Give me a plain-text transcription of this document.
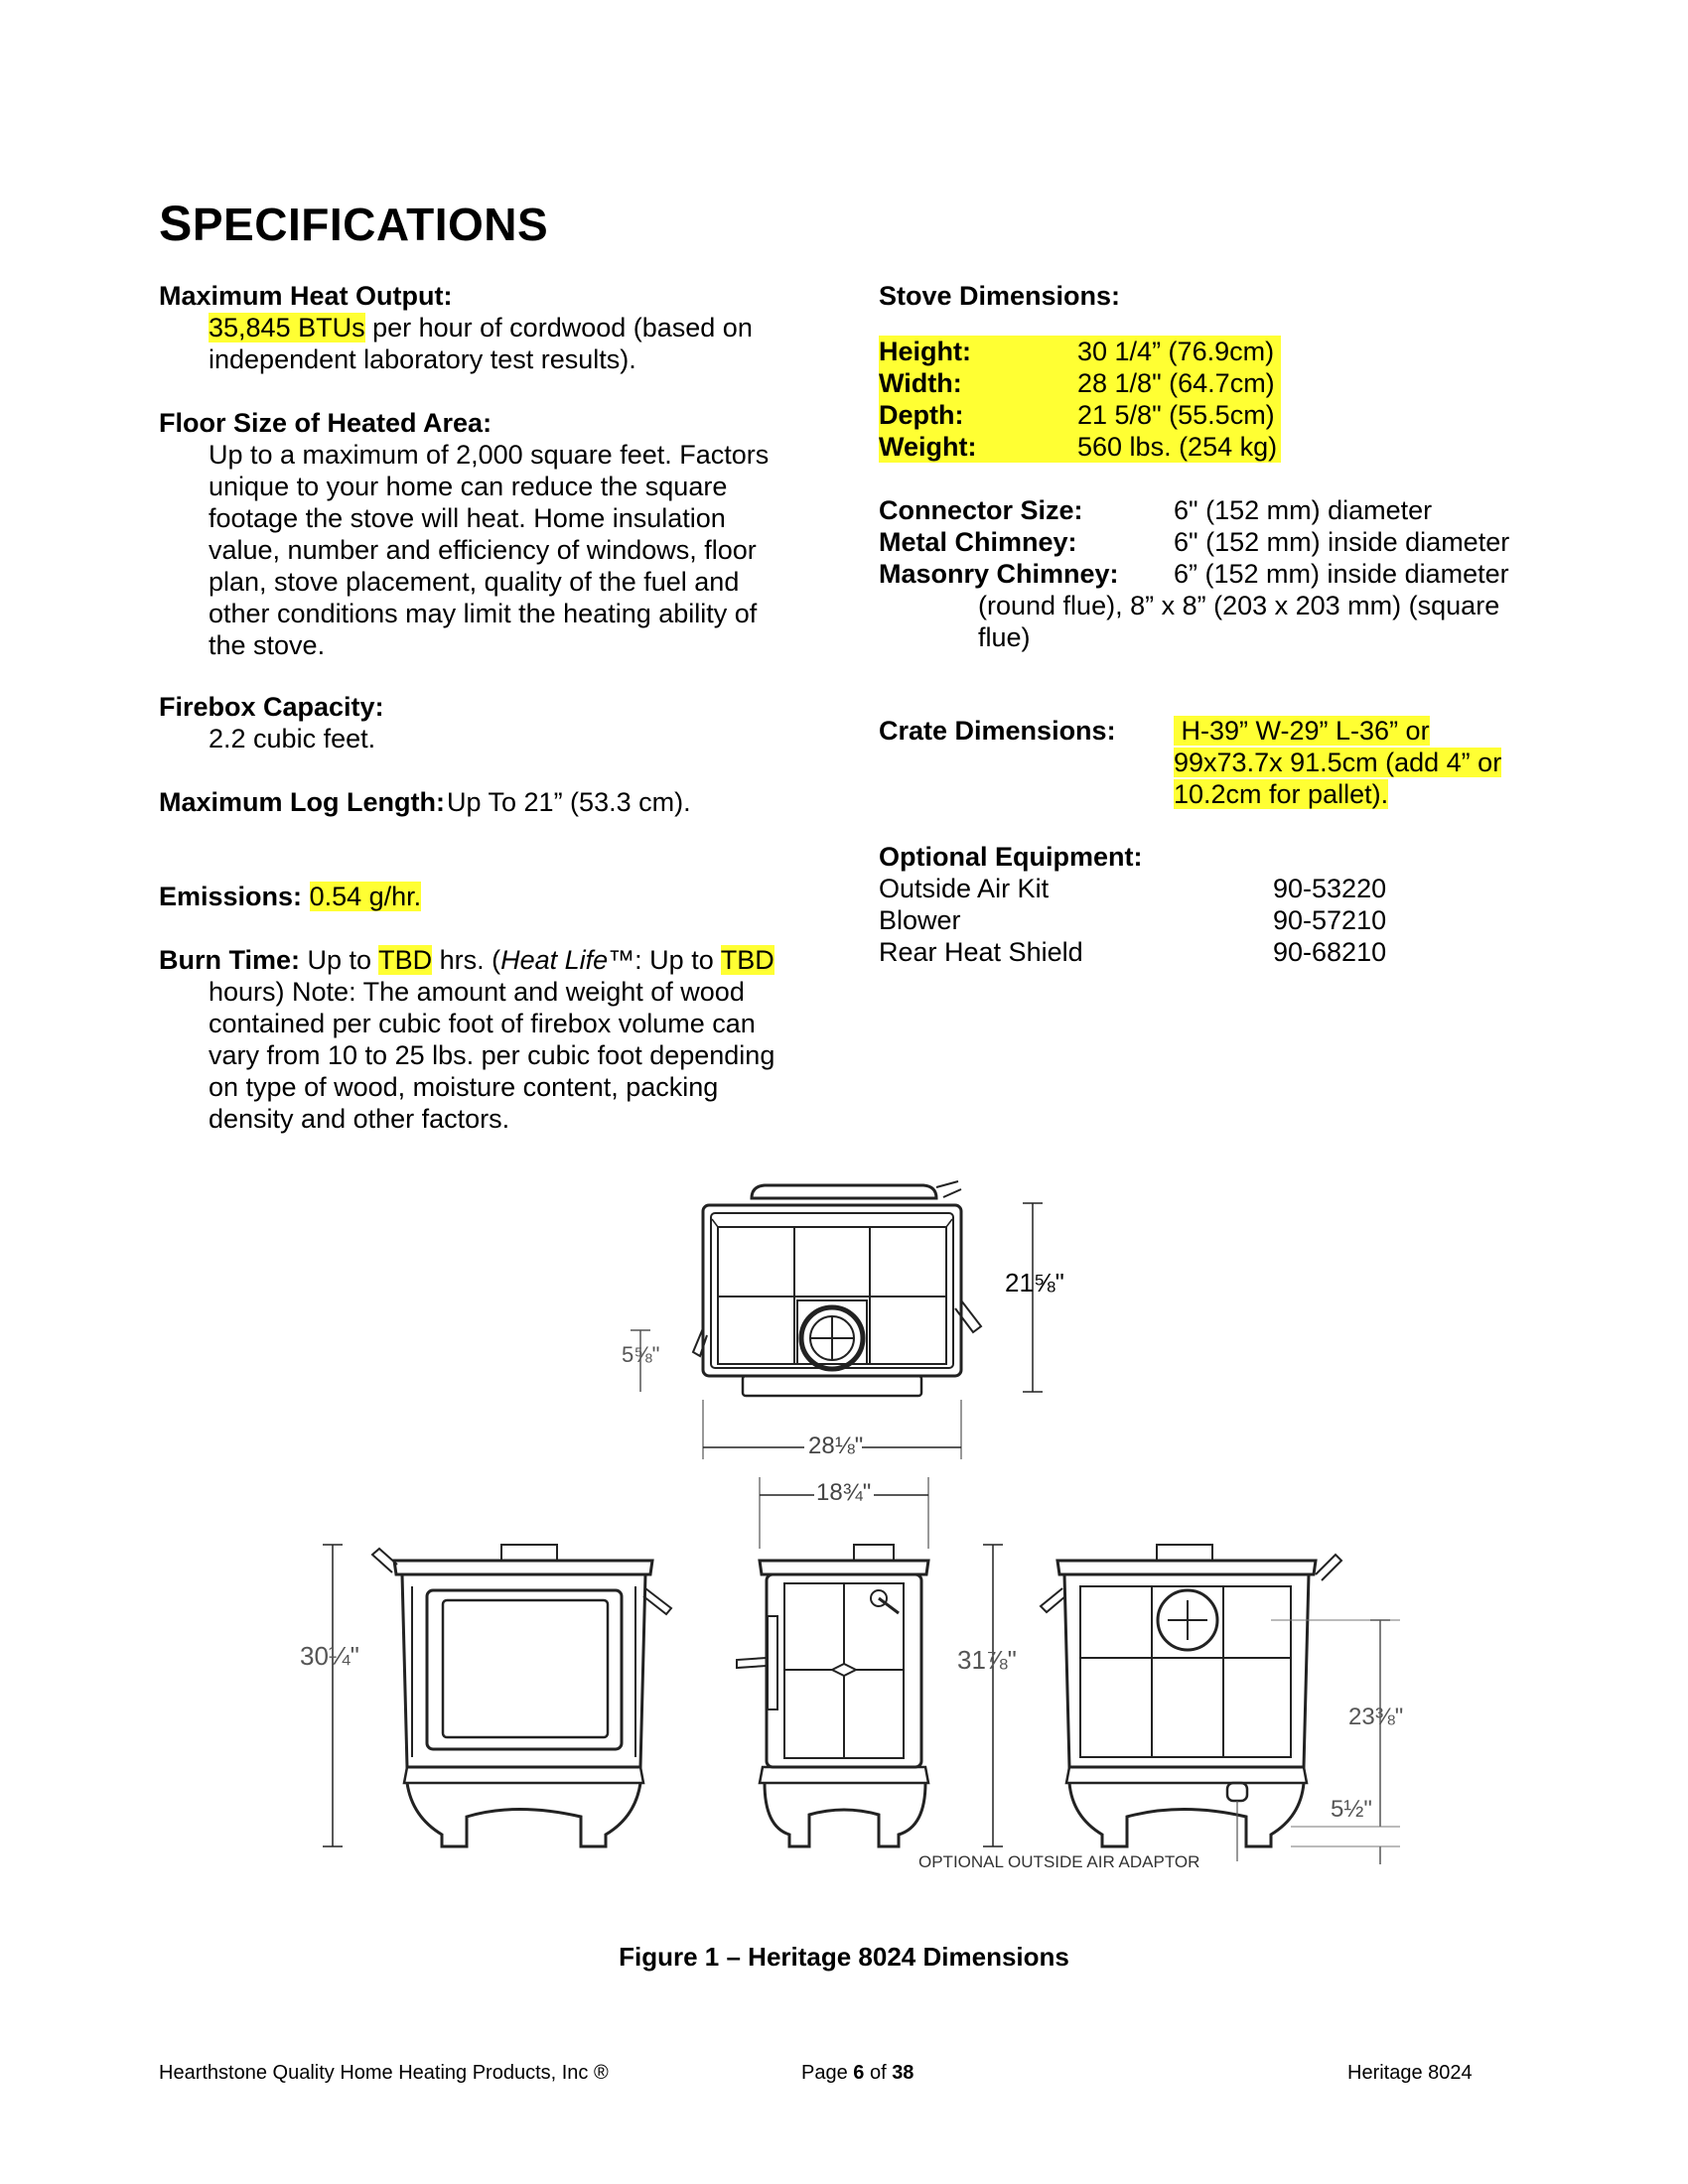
SPECIFICATIONS
Maximum Heat Output:
35,845 BTUs per hour of cordwood (based on
independent laboratory test results).
Floor Size of Heated Area:
Up to a maximum of 2,000 square feet. Factors
unique to your home can reduce the square
footage the stove will heat. Home insulation
value, number and efficiency of windows, floor
plan, stove placement, quality of the fuel and
other conditions may limit the heating ability of
the stove.
Firebox Capacity:
2.2 cubic feet.
Maximum Log Length:Up To 21” (53.3 cm).
Emissions: 0.54 g/hr.
Burn Time: Up to TBD hrs. (Heat Life™: Up to TBD
hours) Note: The amount and weight of wood
contained per cubic foot of firebox volume can
vary from 10 to 25 lbs. per cubic foot depending
on type of wood, moisture content, packing
density and other factors.
Stove Dimensions:
Height:	30 1/4” (76.9cm)
Width:	28 1/8" (64.7cm)
Depth:	21 5/8" (55.5cm)
Weight:	560 lbs. (254 kg)
Connector Size:	6" (152 mm) diameter
Metal Chimney:	6" (152 mm) inside diameter
Masonry Chimney: 6” (152 mm) inside diameter
(round flue), 8” x 8” (203 x 203 mm) (square
flue)
Crate Dimensions: H-39” W-29” L-36” or
99x73.7x 91.5cm (add 4” or
10.2cm for pallet).
Optional Equipment:
Outside Air Kit	90-53220
Blower	90-57210
Rear Heat Shield	90-68210
21⅝"
5⅝"
28⅛"
18¾"
30¼"	31⅞"
23⅜"
5½"
OPTIONAL OUTSIDE AIR ADAPTOR
Figure 1 – Heritage 8024 Dimensions
Hearthstone Quality Home Heating Products, Inc ®	Page 6 of 38	Heritage 8024
